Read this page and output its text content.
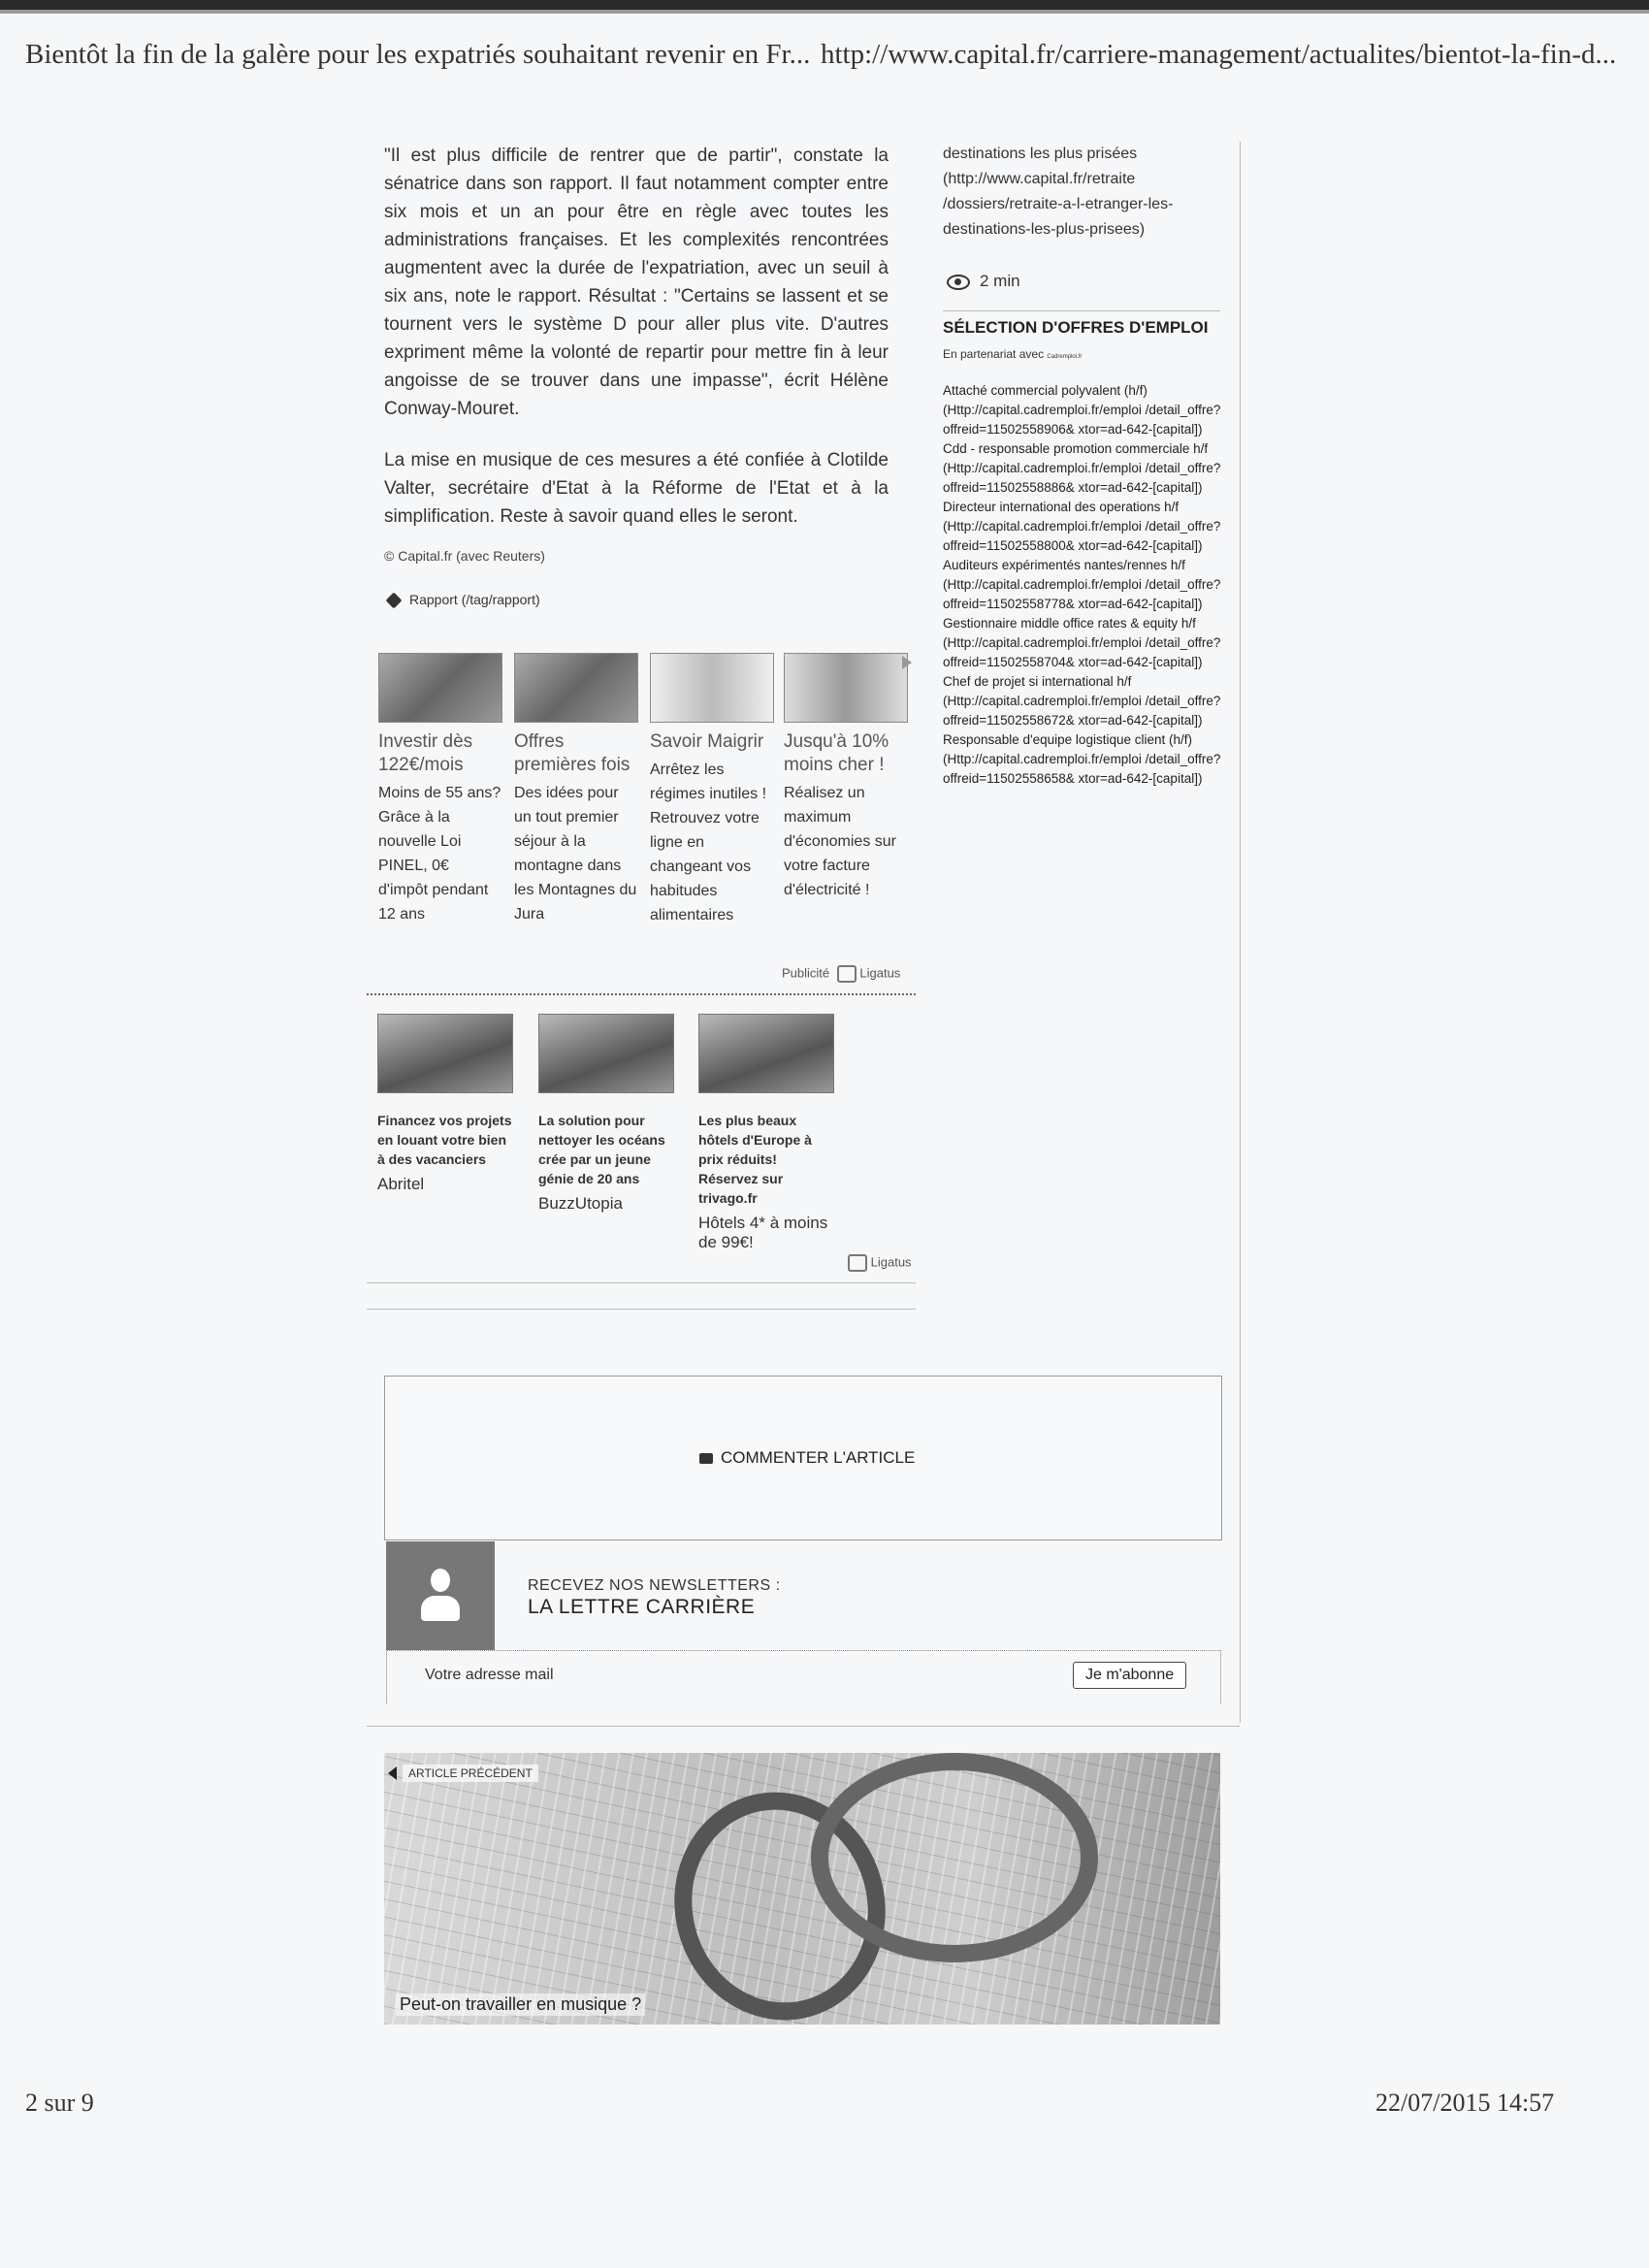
Bientôt la fin de la galère pour les expatriés souhaitant revenir en Fr... http://www.capital.fr/carriere-management/actualites/bientot-la-fin-d...

"Il est plus difficile de rentrer que de partir", constate la sénatrice dans son rapport. Il faut notamment compter entre six mois et un an pour être en règle avec toutes les administrations françaises. Et les complexités rencontrées augmentent avec la durée de l'expatriation, avec un seuil à six ans, note le rapport. Résultat : "Certains se lassent et se tournent vers le système D pour aller plus vite. D'autres expriment même la volonté de repartir pour mettre fin à leur angoisse de se trouver dans une impasse", écrit Hélène Conway-Mouret.

La mise en musique de ces mesures a été confiée à Clotilde Valter, secrétaire d'Etat à la Réforme de l'Etat et à la simplification. Reste à savoir quand elles le seront.

© Capital.fr (avec Reuters)
Rapport (/tag/rapport)
Investir dès 122€/mois
Moins de 55 ans? Grâce à la nouvelle Loi PINEL, 0€ d'impôt pendant 12 ans
Offres premières fois
Des idées pour un tout premier séjour à la montagne dans les Montagnes du Jura
Savoir Maigrir
Arrêtez les régimes inutiles ! Retrouvez votre ligne en changeant vos habitudes alimentaires
Jusqu'à 10% moins cher !
Réalisez un maximum d'économies sur votre facture d'électricité !
Publicité Ligatus
Financez vos projets en louant votre bien à des vacanciers
Abritel
La solution pour nettoyer les océans crée par un jeune génie de 20 ans
BuzzUtopia
Les plus beaux hôtels d'Europe à prix réduits! Réservez sur trivago.fr
Hôtels 4* à moins de 99€!
Ligatus
destinations les plus prisées (http://www.capital.fr/retraite /dossiers/retraite-a-l-etranger-les-destinations-les-plus-prisees)
2 min
SÉLECTION D'OFFRES D'EMPLOI
En partenariat avec Cadremploi.fr

Attaché commercial polyvalent (h/f) (Http://capital.cadremploi.fr/emploi /detail_offre?offreid=11502558906& xtor=ad-642-[capital])

Cdd - responsable promotion commerciale h/f (Http://capital.cadremploi.fr/emploi /detail_offre?offreid=11502558886& xtor=ad-642-[capital])

Directeur international des operations h/f (Http://capital.cadremploi.fr/emploi /detail_offre?offreid=11502558800& xtor=ad-642-[capital])

Auditeurs expérimentés nantes/rennes h/f (Http://capital.cadremploi.fr/emploi /detail_offre?offreid=11502558778& xtor=ad-642-[capital])

Gestionnaire middle office rates & equity h/f (Http://capital.cadremploi.fr/emploi /detail_offre?offreid=11502558704& xtor=ad-642-[capital])

Chef de projet si international h/f (Http://capital.cadremploi.fr/emploi /detail_offre?offreid=11502558672& xtor=ad-642-[capital])

Responsable d'equipe logistique client (h/f) (Http://capital.cadremploi.fr/emploi /detail_offre?offreid=11502558658& xtor=ad-642-[capital])

COMMENTER L'ARTICLE
RECEVEZ NOS NEWSLETTERS :
LA LETTRE CARRIÈRE
Votre adresse mail	Je m'abonne
ARTICLE PRÉCÉDENT
Peut-on travailler en musique ?
2 sur 9	22/07/2015 14:57
